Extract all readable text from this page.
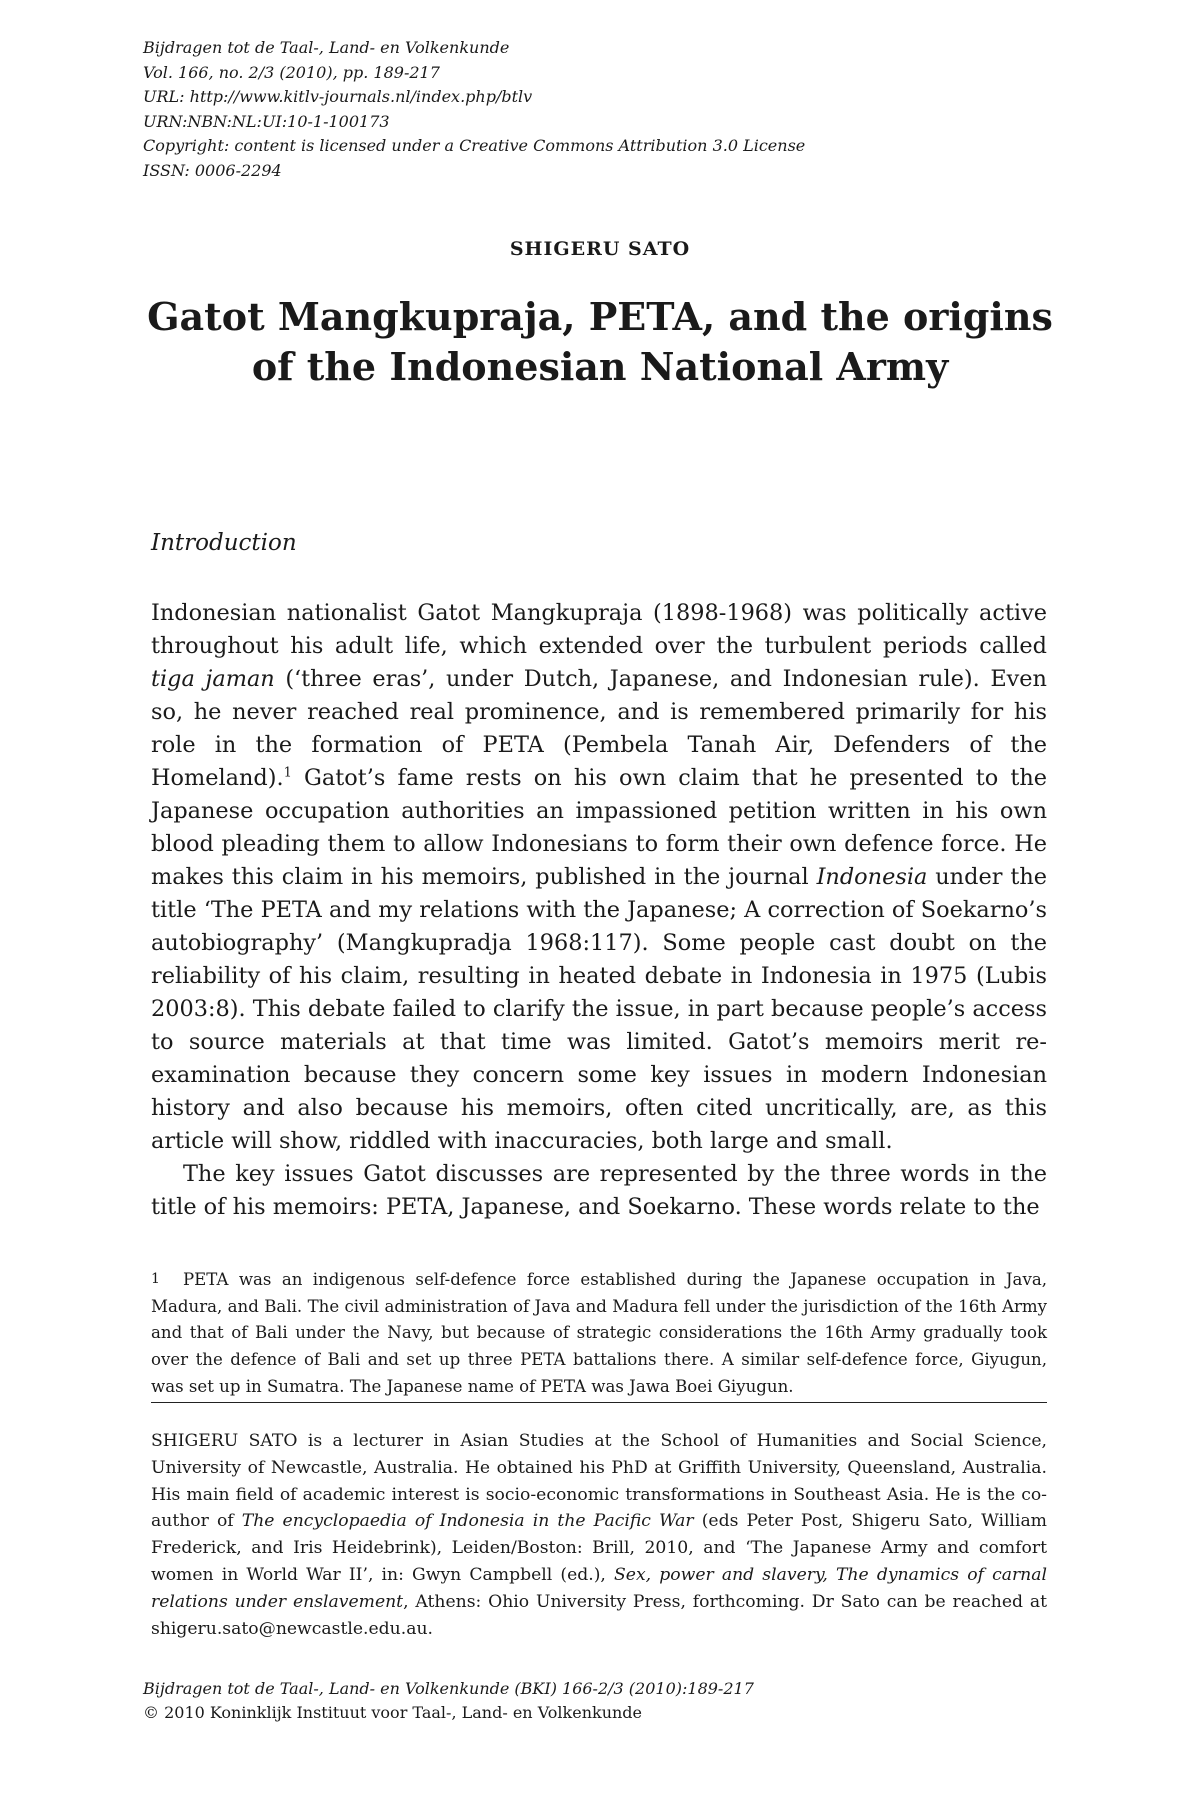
Bijdragen tot de Taal-, Land- en Volkenkunde
Vol. 166, no. 2/3 (2010), pp. 189-217
URL: http://www.kitlv-journals.nl/index.php/btlv
URN:NBN:NL:UI:10-1-100173
Copyright: content is licensed under a Creative Commons Attribution 3.0 License
ISSN: 0006-2294
SHIGERU SATO
Gatot Mangkupraja, PETA, and the origins
of the Indonesian National Army
Introduction

Indonesian nationalist Gatot Mangkupraja (1898-1968) was politically active throughout his adult life, which extended over the turbulent periods called tiga jaman (‘three eras’, under Dutch, Japanese, and Indonesian rule). Even so, he never reached real prominence, and is remembered primarily for his role in the formation of PETA (Pembela Tanah Air, Defenders of the Homeland).$^1$ Gatot’s fame rests on his own claim that he presented to the Japanese occupation authorities an impassioned petition written in his own blood pleading them to allow Indonesians to form their own defence force. He makes this claim in his memoirs, published in the journal Indonesia under the title ‘The PETA and my relations with the Japanese; A correction of Soekarno’s autobiography’ (Mangkupradja 1968:117). Some people cast doubt on the reliability of his claim, resulting in heated debate in Indonesia in 1975 (Lubis 2003:8). This debate failed to clarify the issue, in part because people’s access to source materials at that time was limited. Gatot’s memoirs merit re-examination because they concern some key issues in modern Indonesian history and also because his memoirs, often cited uncritically, are, as this article will show, riddled with inaccuracies, both large and small.

The key issues Gatot discusses are represented by the three words in the title of his memoirs: PETA, Japanese, and Soekarno. These words relate to the

1 PETA was an indigenous self-defence force established during the Japanese occupation in Java, Madura, and Bali. The civil administration of Java and Madura fell under the jurisdiction of the 16th Army and that of Bali under the Navy, but because of strategic considerations the 16th Army gradually took over the defence of Bali and set up three PETA battalions there. A similar self-defence force, Giyugun, was set up in Sumatra. The Japanese name of PETA was Jawa Boei Giyugun.
SHIGERU SATO is a lecturer in Asian Studies at the School of Humanities and Social Science, University of Newcastle, Australia. He obtained his PhD at Griffith University, Queensland, Australia. His main field of academic interest is socio-economic transformations in Southeast Asia. He is the co-author of The encyclopaedia of Indonesia in the Pacific War (eds Peter Post, Shigeru Sato, William Frederick, and Iris Heidebrink), Leiden/Boston: Brill, 2010, and ‘The Japanese Army and comfort women in World War II’, in: Gwyn Campbell (ed.), Sex, power and slavery, The dynamics of carnal relations under enslavement, Athens: Ohio University Press, forthcoming. Dr Sato can be reached at shigeru.sato@newcastle.edu.au.
Bijdragen tot de Taal-, Land- en Volkenkunde (BKI) 166-2/3 (2010):189-217
© 2010 Koninklijk Instituut voor Taal-, Land- en Volkenkunde
